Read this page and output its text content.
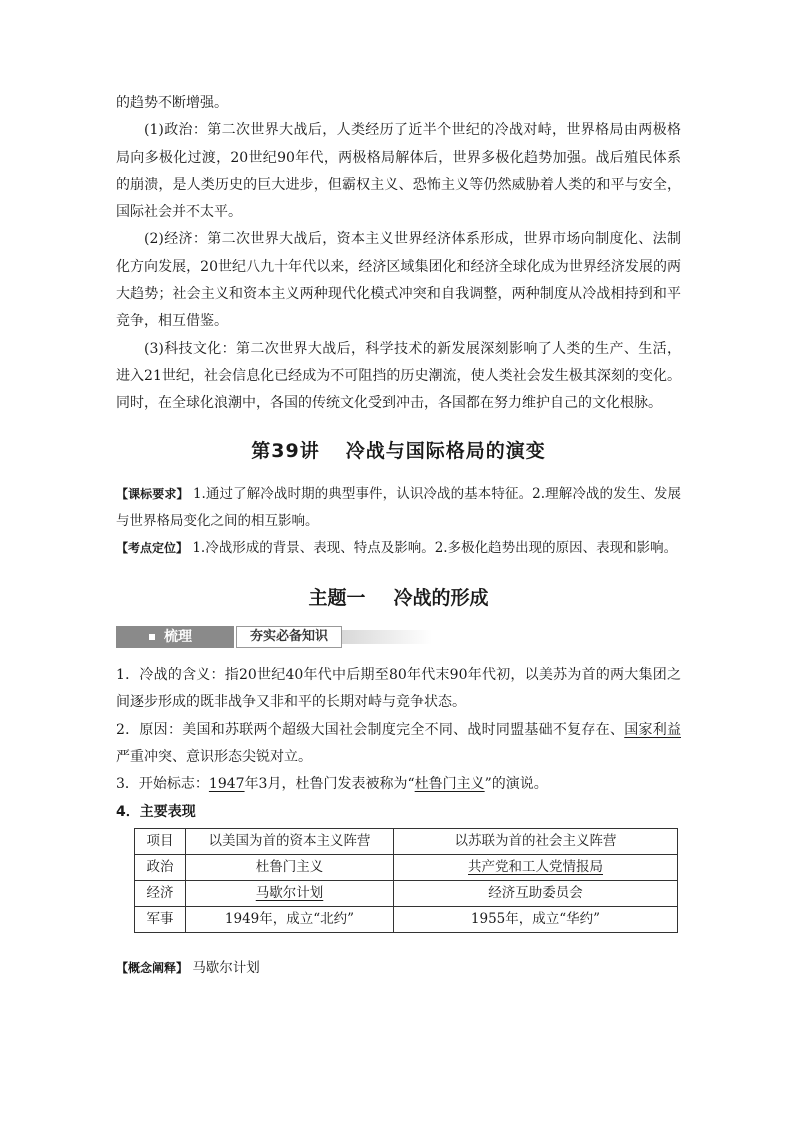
的趋势不断增强。

(1)政治：第二次世界大战后，人类经历了近半个世纪的冷战对峙，世界格局由两极格局向多极化过渡，20世纪90年代，两极格局解体后，世界多极化趋势加强。战后殖民体系的崩溃，是人类历史的巨大进步，但霸权主义、恐怖主义等仍然威胁着人类的和平与安全，国际社会并不太平。

(2)经济：第二次世界大战后，资本主义世界经济体系形成，世界市场向制度化、法制化方向发展，20世纪八九十年代以来，经济区域集团化和经济全球化成为世界经济发展的两大趋势；社会主义和资本主义两种现代化模式冲突和自我调整，两种制度从冷战相持到和平竞争，相互借鉴。

(3)科技文化：第二次世界大战后，科学技术的新发展深刻影响了人类的生产、生活，进入21世纪，社会信息化已经成为不可阻挡的历史潮流，使人类社会发生极其深刻的变化。同时，在全球化浪潮中，各国的传统文化受到冲击，各国都在努力维护自己的文化根脉。

第39讲 冷战与国际格局的演变

【课标要求】 1.通过了解冷战时期的典型事件，认识冷战的基本特征。2.理解冷战的发生、发展与世界格局变化之间的相互影响。

【考点定位】 1.冷战形成的背景、表现、特点及影响。2.多极化趋势出现的原因、表现和影响。

主题一 冷战的形成
梳理	夯实必备知识

1．冷战的含义：指20世纪40年代中后期至80年代末90年代初，以美苏为首的两大集团之间逐步形成的既非战争又非和平的长期对峙与竞争状态。

2．原因：美国和苏联两个超级大国社会制度完全不同、战时同盟基础不复存在、国家利益严重冲突、意识形态尖锐对立。

3．开始标志：1947年3月，杜鲁门发表被称为“杜鲁门主义”的演说。

4．主要表现

项目	以美国为首的资本主义阵营	以苏联为首的社会主义阵营
政治	杜鲁门主义	共产党和工人党情报局
经济	马歇尔计划	经济互助委员会
军事	1949年，成立“北约”	1955年，成立“华约”

【概念阐释】 马歇尔计划
